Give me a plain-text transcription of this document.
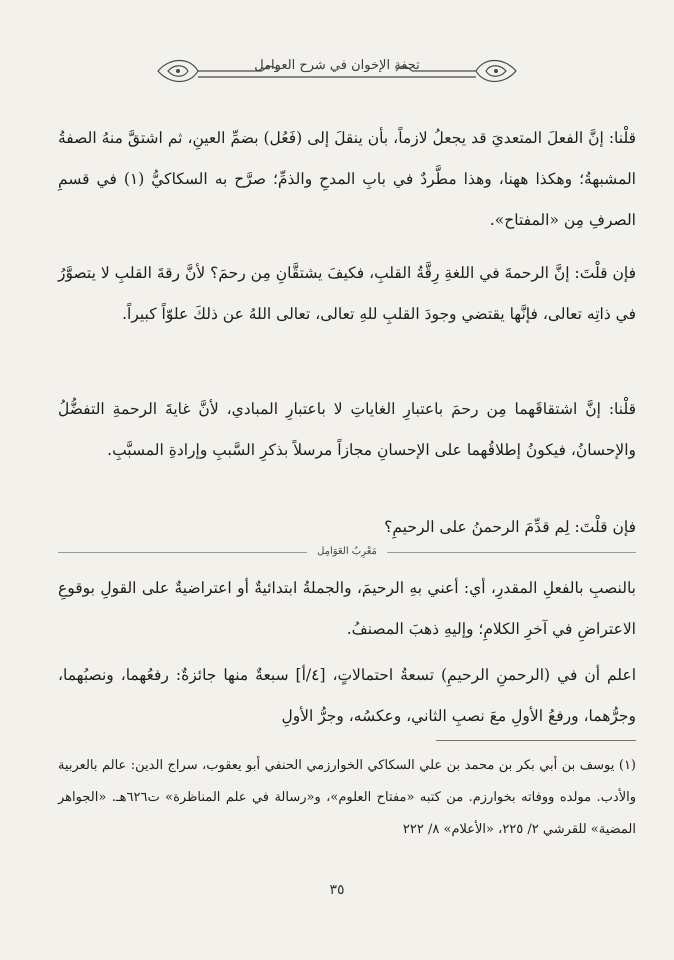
تحفة الإخوان في شرح العوامل

قلْنا: إنَّ الفعلَ المتعديَ قد يجعلُ لازماً، بأن ينقلَ إلى (فَعُل) بضمِّ العينِ، ثم اشتقَّ منهُ الصفةُ المشبهةُ؛ وهكذا ههنا، وهذا مطَّردٌ في بابِ المدحِ والذمِّ؛ صرَّح به السكاكيُّ (١) في قسمِ الصرفِ مِن «المفتاح».

فإن قلْتَ: إنَّ الرحمةَ في اللغةِ رِقَّةُ القلبِ، فكيفَ يشتقَّانِ مِن رحمَ؟ لأنَّ رقةَ القلبِ لا يتصوَّرُ في ذاتِه تعالى، فإنَّها يقتضي وجودَ القلبِ للهِ تعالى، تعالى اللهُ عن ذلكَ علوّاً كبيراً.

قلْنا: إنَّ اشتقاقَهما مِن رحمَ باعتبارِ الغاياتِ لا باعتبارِ المبادي، لأنَّ غايةَ الرحمةِ التفضُّلُ والإحسانُ، فيكونُ إطلاقُهما على الإحسانِ مجازاً مرسلاً بذكرِ السَّببِ وإرادةِ المسبَّبِ.

فإن قلْتَ: لِم قدِّمَ الرحمنُ على الرحيمِ؟

مَعْرِبُ العَوَامِل

بالنصبِ بالفعلِ المقدرِ، أي: أعني بهِ الرحيمَ، والجملةُ ابتدائيةٌ أو اعتراضيةٌ على القولِ بوقوعِ الاعتراضِ في آخرِ الكلامِ؛ وإليهِ ذهبَ المصنفُ.

اعلم أن في (الرحمنِ الرحيمِ) تسعةُ احتمالاتٍ، [٤/أ] سبعةٌ منها جائزةٌ: رفعُهما، ونصبُهما، وجرُّهما، ورفعُ الأولِ معَ نصبِ الثاني، وعكسُه، وجرُّ الأولِ

(١) يوسف بن أبي بكر بن محمد بن علي السكاكي الخوارزمي الحنفي أبو يعقوب، سراج الدين: عالم بالعربية والأدب. مولده ووفاته بخوارزم. من كتبه «مفتاح العلوم»، و«رسالة في علم المناظرة» ت٦٢٦هـ. «الجواهر المضية» للقرشي ٢/ ٢٢٥، «الأعلام» ٨/ ٢٢٢

٣٥
